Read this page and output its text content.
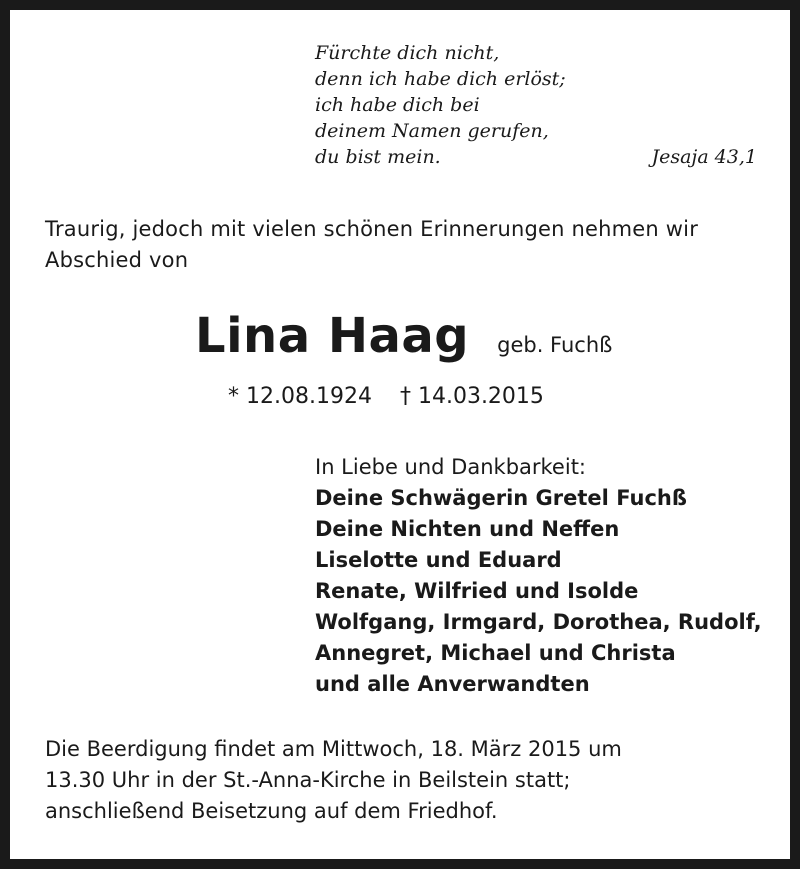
Fürchte dich nicht,
denn ich habe dich erlöst;
ich habe dich bei
deinem Namen gerufen,
du bist mein.	Jesaja 43,1
Traurig, jedoch mit vielen schönen Erinnerungen nehmen wir Abschied von
Lina Haag geb. Fuchß
* 12.08.1924 † 14.03.2015
In Liebe und Dankbarkeit:
Deine Schwägerin Gretel Fuchß
Deine Nichten und Neffen
Liselotte und Eduard
Renate, Wilfried und Isolde
Wolfgang, Irmgard, Dorothea, Rudolf,
Annegret, Michael und Christa
und alle Anverwandten
Die Beerdigung findet am Mittwoch, 18. März 2015 um
13.30 Uhr in der St.-Anna-Kirche in Beilstein statt;
anschließend Beisetzung auf dem Friedhof.
